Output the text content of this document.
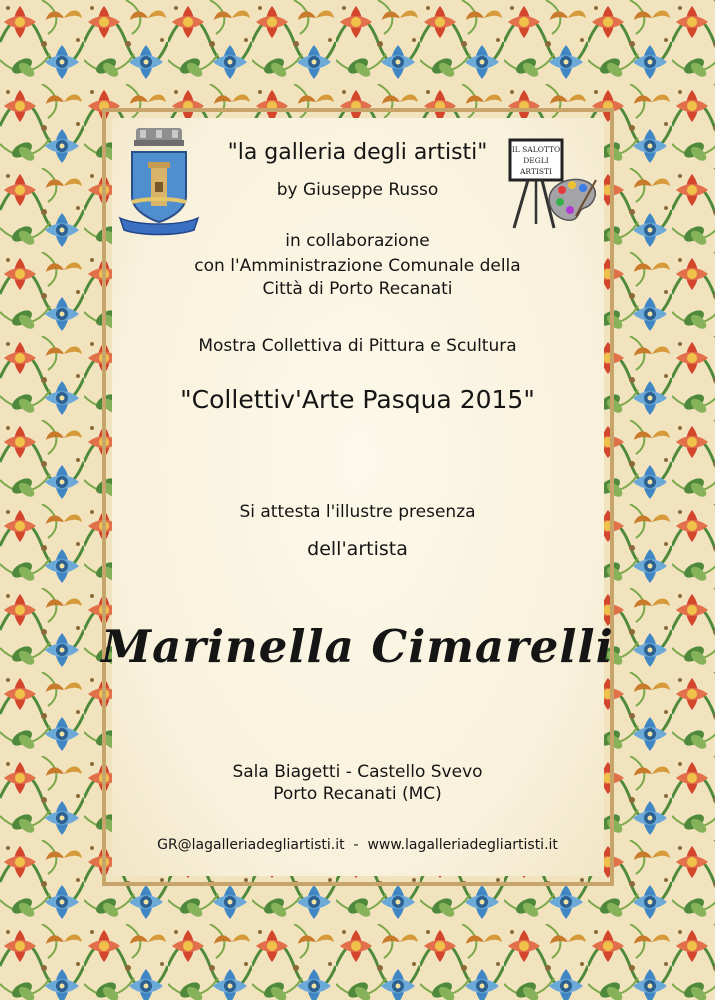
IL SALOTTO
DEGLI
ARTISTI
"la galleria degli artisti"
by Giuseppe Russo
in collaborazione
con l'Amministrazione Comunale della
Città di Porto Recanati
Mostra Collettiva di Pittura e Scultura
"Collettiv'Arte Pasqua 2015"
Si attesta l'illustre presenza
dell'artista
Marinella Cimarelli
Sala Biagetti - Castello Svevo
Porto Recanati (MC)
GR@lagalleriadegliartisti.it  -  www.lagalleriadegliartisti.it
